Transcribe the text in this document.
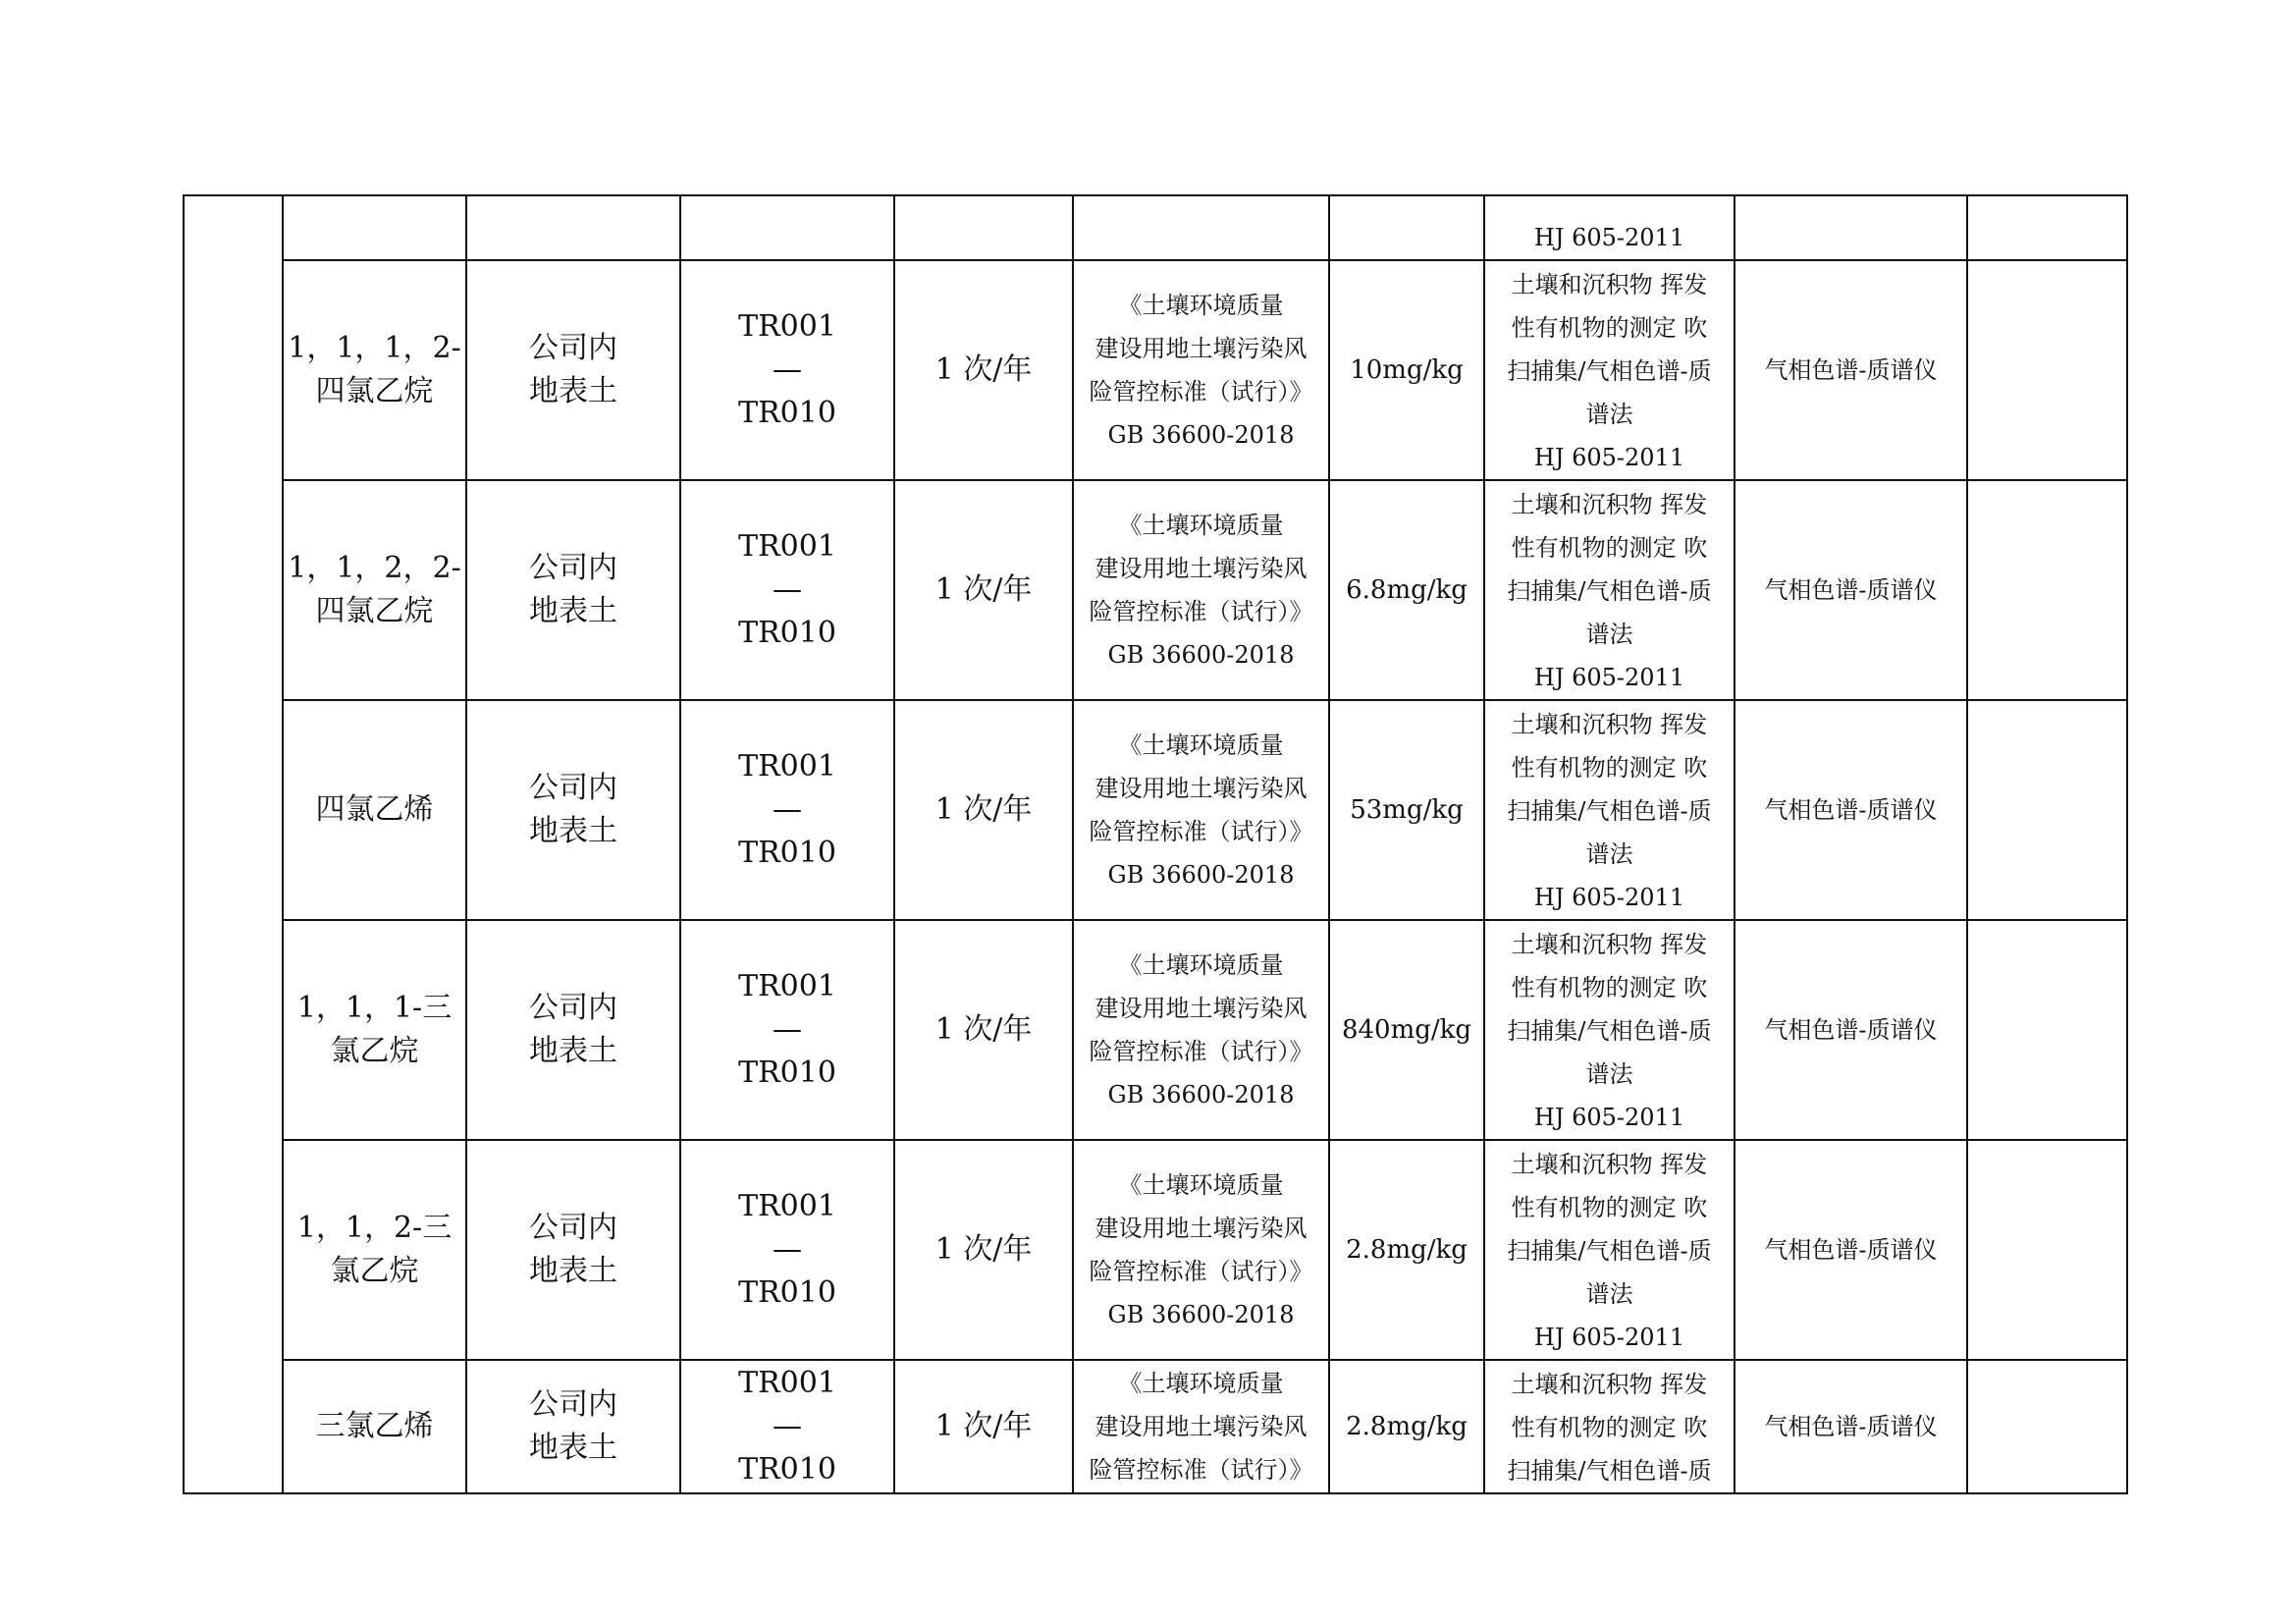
							HJ 605-2011		

	1，1，1，2-
四氯乙烷	公司内
地表土	TR001
—
TR010	1 次/年	《土壤环境质量
建设用地土壤污染风
险管控标准（试行）》
GB 36600-2018	10mg/kg	土壤和沉积物 挥发
性有机物的测定 吹
扫捕集/气相色谱-质
谱法
HJ 605-2011	气相色谱-质谱仪	

	1，1，2，2-
四氯乙烷	公司内
地表土	TR001
—
TR010	1 次/年	《土壤环境质量
建设用地土壤污染风
险管控标准（试行）》
GB 36600-2018	6.8mg/kg	土壤和沉积物 挥发
性有机物的测定 吹
扫捕集/气相色谱-质
谱法
HJ 605-2011	气相色谱-质谱仪	

	四氯乙烯	公司内
地表土	TR001
—
TR010	1 次/年	《土壤环境质量
建设用地土壤污染风
险管控标准（试行）》
GB 36600-2018	53mg/kg	土壤和沉积物 挥发
性有机物的测定 吹
扫捕集/气相色谱-质
谱法
HJ 605-2011	气相色谱-质谱仪	

	1，1，1-三
氯乙烷	公司内
地表土	TR001
—
TR010	1 次/年	《土壤环境质量
建设用地土壤污染风
险管控标准（试行）》
GB 36600-2018	840mg/kg	土壤和沉积物 挥发
性有机物的测定 吹
扫捕集/气相色谱-质
谱法
HJ 605-2011	气相色谱-质谱仪	

	1，1，2-三
氯乙烷	公司内
地表土	TR001
—
TR010	1 次/年	《土壤环境质量
建设用地土壤污染风
险管控标准（试行）》
GB 36600-2018	2.8mg/kg	土壤和沉积物 挥发
性有机物的测定 吹
扫捕集/气相色谱-质
谱法
HJ 605-2011	气相色谱-质谱仪	

	三氯乙烯	公司内
地表土	TR001
—
TR010	1 次/年	《土壤环境质量
建设用地土壤污染风
险管控标准（试行）》	2.8mg/kg	土壤和沉积物 挥发
性有机物的测定 吹
扫捕集/气相色谱-质	气相色谱-质谱仪	
